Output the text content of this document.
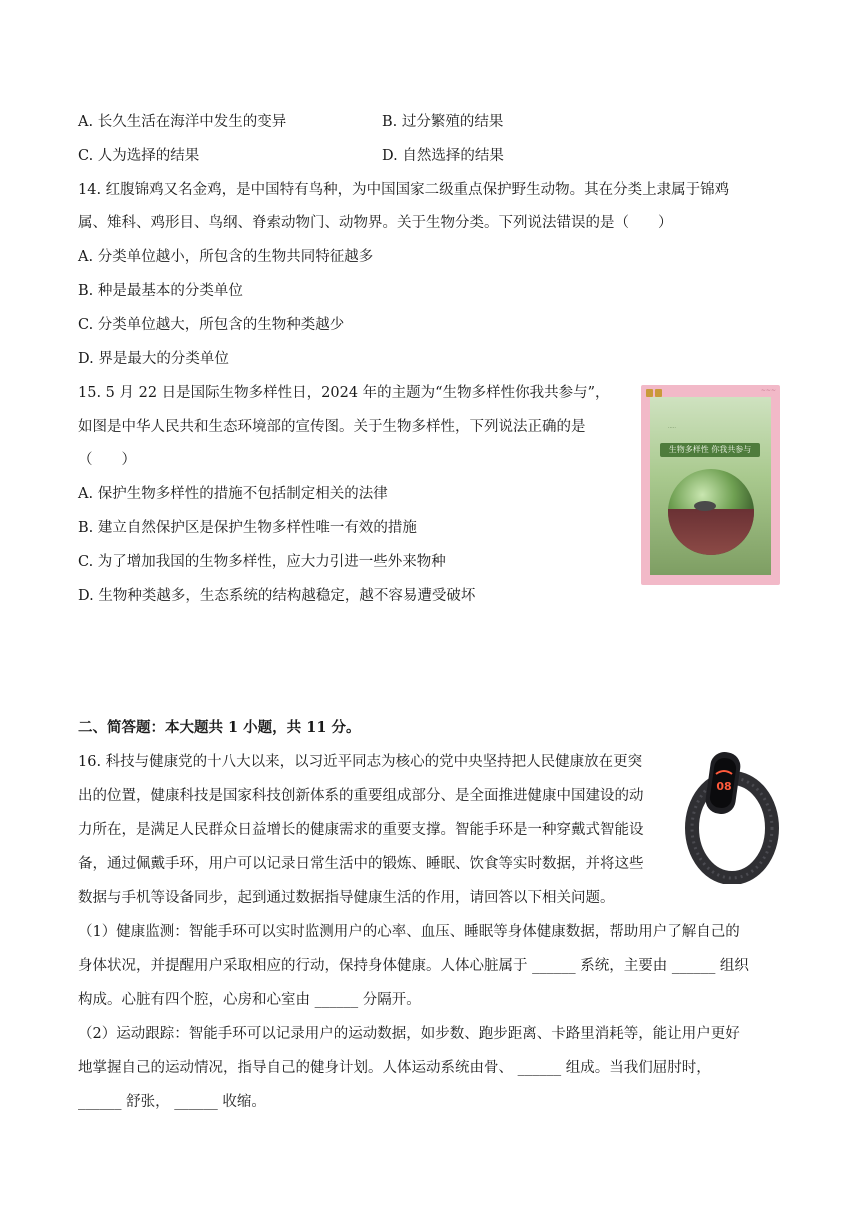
A. 长久生活在海洋中发生的变异	B. 过分繁殖的结果
C. 人为选择的结果	D. 自然选择的结果
14. 红腹锦鸡又名金鸡，是中国特有鸟种，为中国国家二级重点保护野生动物。其在分类上隶属于锦鸡
属、雉科、鸡形目、鸟纲、脊索动物门、动物界。关于生物分类。下列说法错误的是（　　）
A. 分类单位越小，所包含的生物共同特征越多
B. 种是最基本的分类单位
C. 分类单位越大，所包含的生物种类越少
D. 界是最大的分类单位
15. 5 月 22 日是国际生物多样性日，2024 年的主题为“生物多样性你我共参与”，
如图是中华人民共和生态环境部的宣传图。关于生物多样性，下列说法正确的是
（　　）
A. 保护生物多样性的措施不包括制定相关的法律
B. 建立自然保护区是保护生物多样性唯一有效的措施
C. 为了增加我国的生物多样性，应大力引进一些外来物种
D. 生物种类越多，生态系统的结构越稳定，越不容易遭受破坏
~~~
·····
生物多样性 你我共参与
二、简答题：本大题共 1 小题，共 11 分。
16. 科技与健康党的十八大以来，以习近平同志为核心的党中央坚持把人民健康放在更突
出的位置，健康科技是国家科技创新体系的重要组成部分、是全面推进健康中国建设的动
力所在，是满足人民群众日益增长的健康需求的重要支撑。智能手环是一种穿戴式智能设
备，通过佩戴手环，用户可以记录日常生活中的锻炼、睡眠、饮食等实时数据，并将这些
数据与手机等设备同步，起到通过数据指导健康生活的作用，请回答以下相关问题。
08
（1）健康监测：智能手环可以实时监测用户的心率、血压、睡眠等身体健康数据，帮助用户了解自己的
身体状况，并提醒用户采取相应的行动，保持身体健康。人体心脏属于 ______ 系统，主要由 ______ 组织
构成。心脏有四个腔，心房和心室由 ______ 分隔开。
（2）运动跟踪：智能手环可以记录用户的运动数据，如步数、跑步距离、卡路里消耗等，能让用户更好
地掌握自己的运动情况，指导自己的健身计划。人体运动系统由骨、 ______ 组成。当我们屈肘时，
______ 舒张， ______ 收缩。
